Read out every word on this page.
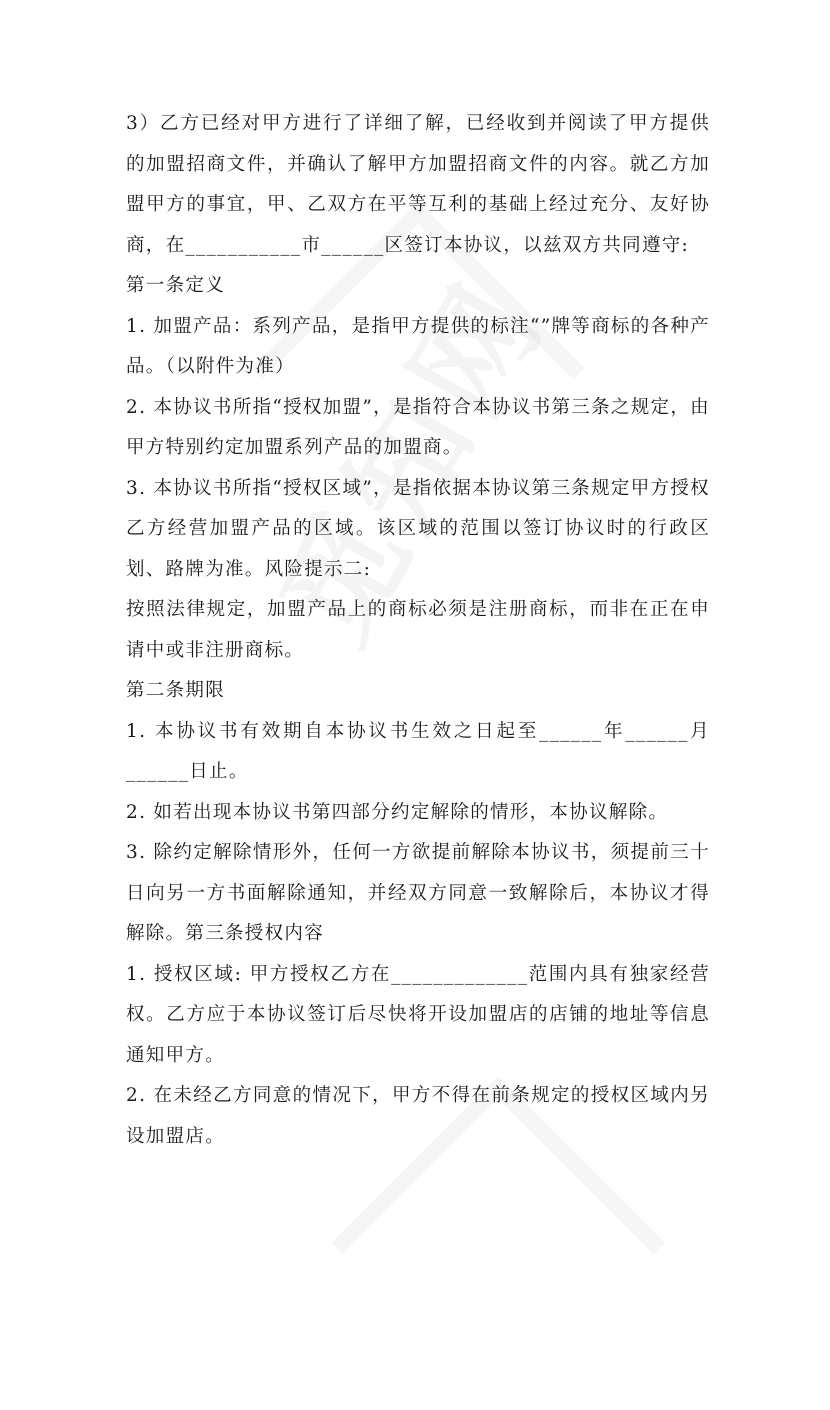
3）乙方已经对甲方进行了详细了解，已经收到并阅读了甲方提供的加盟招商文件，并确认了解甲方加盟招商文件的内容。就乙方加盟甲方的事宜，甲、乙双方在平等互利的基础上经过充分、友好协商，在___________市______区签订本协议，以兹双方共同遵守:

第一条定义

1. 加盟产品：系列产品，是指甲方提供的标注“”牌等商标的各种产品。（以附件为准）

2. 本协议书所指“授权加盟”，是指符合本协议书第三条之规定，由甲方特别约定加盟系列产品的加盟商。

3. 本协议书所指“授权区域”，是指依据本协议第三条规定甲方授权乙方经营加盟产品的区域。该区域的范围以签订协议时的行政区划、路牌为准。风险提示二:

按照法律规定，加盟产品上的商标必须是注册商标，而非在正在申请中或非注册商标。

第二条期限

1. 本协议书有效期自本协议书生效之日起至______年______月______日止。

2. 如若出现本协议书第四部分约定解除的情形，本协议解除。

3. 除约定解除情形外，任何一方欲提前解除本协议书，须提前三十日向另一方书面解除通知，并经双方同意一致解除后，本协议才得解除。第三条授权内容

1. 授权区域: 甲方授权乙方在_____________范围内具有独家经营权。乙方应于本协议签订后尽快将开设加盟店的店铺的地址等信息通知甲方。

2. 在未经乙方同意的情况下，甲方不得在前条规定的授权区域内另设加盟店。
